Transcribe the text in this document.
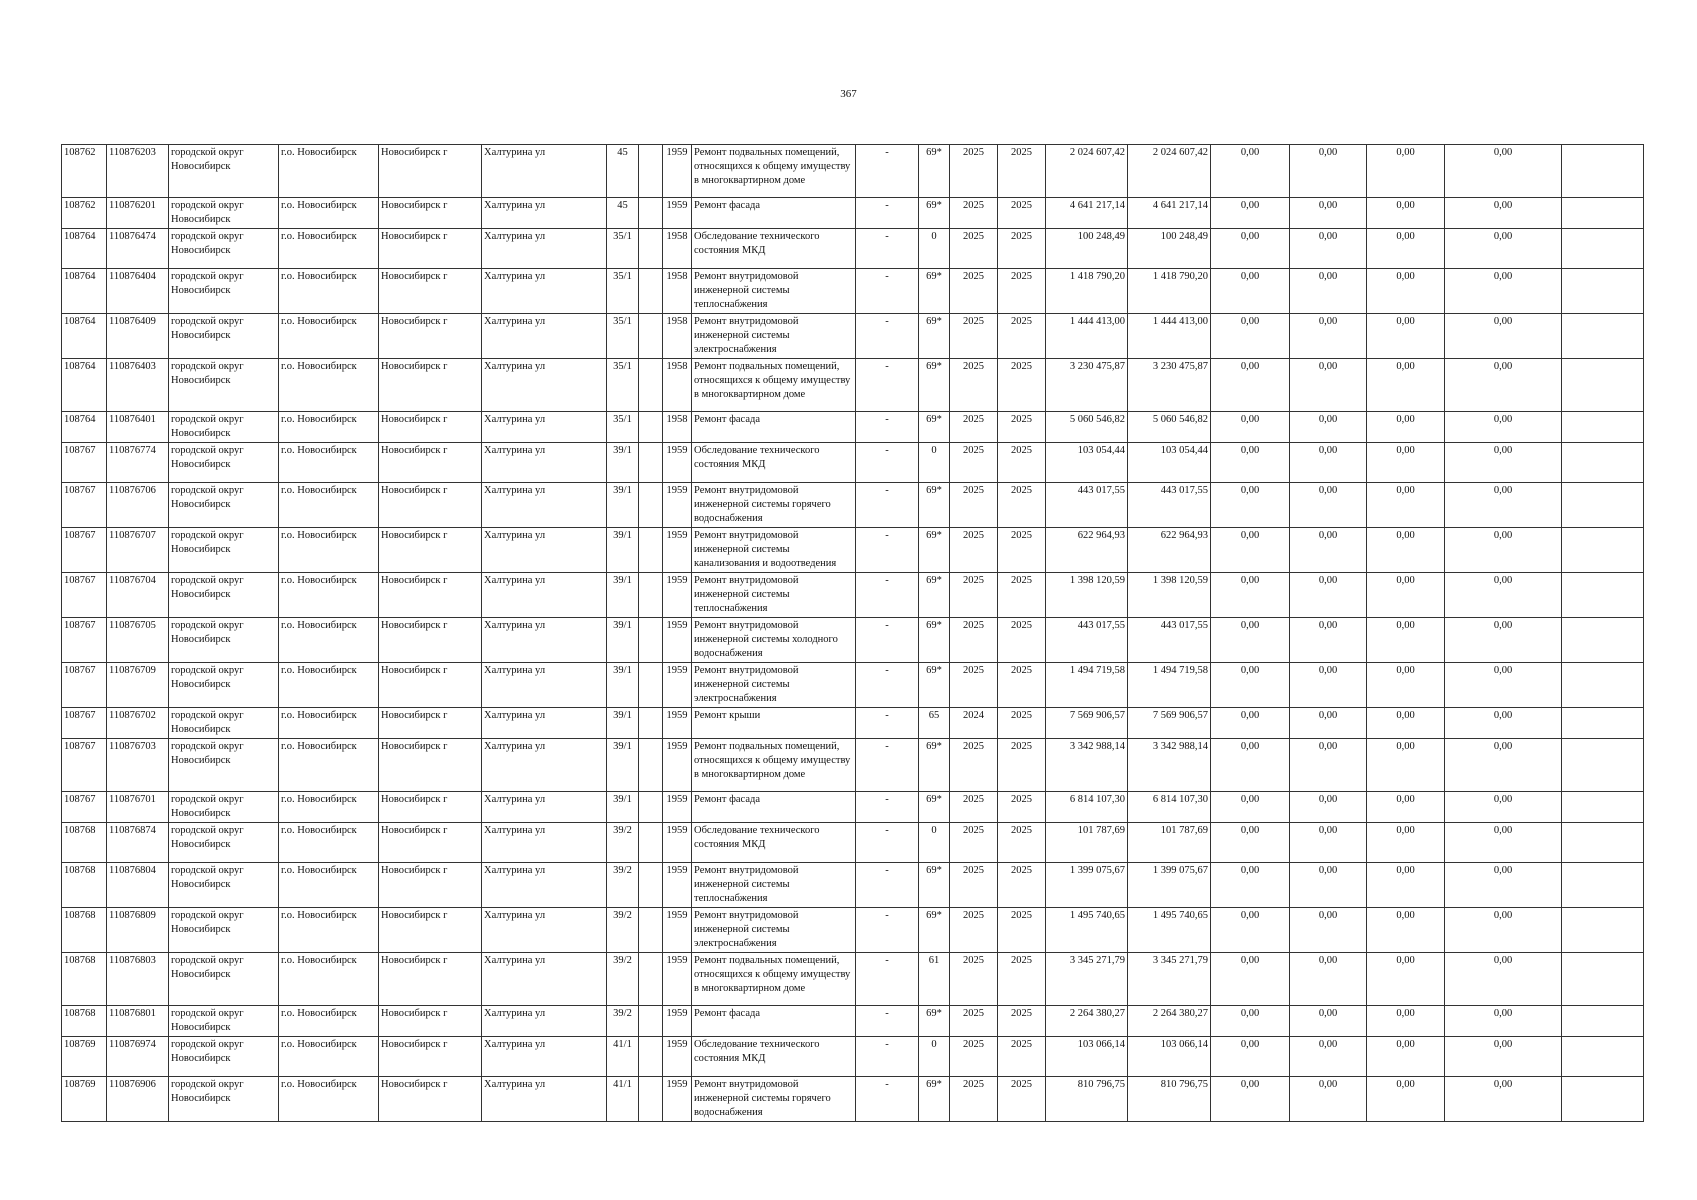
367
108762	110876203	городской округ Новосибирск	г.о. Новосибирск	Новосибирск г	Халтурина ул	45		1959	Ремонт подвальных помещений, относящихся к общему имуществу в многоквартирном доме	-	69*	2025	2025	2 024 607,42	2 024 607,42	0,00	0,00	0,00	0,00	
108762	110876201	городской округ Новосибирск	г.о. Новосибирск	Новосибирск г	Халтурина ул	45		1959	Ремонт фасада	-	69*	2025	2025	4 641 217,14	4 641 217,14	0,00	0,00	0,00	0,00	
108764	110876474	городской округ Новосибирск	г.о. Новосибирск	Новосибирск г	Халтурина ул	35/1		1958	Обследование технического состояния МКД	-	0	2025	2025	100 248,49	100 248,49	0,00	0,00	0,00	0,00	
108764	110876404	городской округ Новосибирск	г.о. Новосибирск	Новосибирск г	Халтурина ул	35/1		1958	Ремонт внутридомовой инженерной системы теплоснабжения	-	69*	2025	2025	1 418 790,20	1 418 790,20	0,00	0,00	0,00	0,00	
108764	110876409	городской округ Новосибирск	г.о. Новосибирск	Новосибирск г	Халтурина ул	35/1		1958	Ремонт внутридомовой инженерной системы электроснабжения	-	69*	2025	2025	1 444 413,00	1 444 413,00	0,00	0,00	0,00	0,00	
108764	110876403	городской округ Новосибирск	г.о. Новосибирск	Новосибирск г	Халтурина ул	35/1		1958	Ремонт подвальных помещений, относящихся к общему имуществу в многоквартирном доме	-	69*	2025	2025	3 230 475,87	3 230 475,87	0,00	0,00	0,00	0,00	
108764	110876401	городской округ Новосибирск	г.о. Новосибирск	Новосибирск г	Халтурина ул	35/1		1958	Ремонт фасада	-	69*	2025	2025	5 060 546,82	5 060 546,82	0,00	0,00	0,00	0,00	
108767	110876774	городской округ Новосибирск	г.о. Новосибирск	Новосибирск г	Халтурина ул	39/1		1959	Обследование технического состояния МКД	-	0	2025	2025	103 054,44	103 054,44	0,00	0,00	0,00	0,00	
108767	110876706	городской округ Новосибирск	г.о. Новосибирск	Новосибирск г	Халтурина ул	39/1		1959	Ремонт внутридомовой инженерной системы горячего водоснабжения	-	69*	2025	2025	443 017,55	443 017,55	0,00	0,00	0,00	0,00	
108767	110876707	городской округ Новосибирск	г.о. Новосибирск	Новосибирск г	Халтурина ул	39/1		1959	Ремонт внутридомовой инженерной системы канализования и водоотведения	-	69*	2025	2025	622 964,93	622 964,93	0,00	0,00	0,00	0,00	
108767	110876704	городской округ Новосибирск	г.о. Новосибирск	Новосибирск г	Халтурина ул	39/1		1959	Ремонт внутридомовой инженерной системы теплоснабжения	-	69*	2025	2025	1 398 120,59	1 398 120,59	0,00	0,00	0,00	0,00	
108767	110876705	городской округ Новосибирск	г.о. Новосибирск	Новосибирск г	Халтурина ул	39/1		1959	Ремонт внутридомовой инженерной системы холодного водоснабжения	-	69*	2025	2025	443 017,55	443 017,55	0,00	0,00	0,00	0,00	
108767	110876709	городской округ Новосибирск	г.о. Новосибирск	Новосибирск г	Халтурина ул	39/1		1959	Ремонт внутридомовой инженерной системы электроснабжения	-	69*	2025	2025	1 494 719,58	1 494 719,58	0,00	0,00	0,00	0,00	
108767	110876702	городской округ Новосибирск	г.о. Новосибирск	Новосибирск г	Халтурина ул	39/1		1959	Ремонт крыши	-	65	2024	2025	7 569 906,57	7 569 906,57	0,00	0,00	0,00	0,00	
108767	110876703	городской округ Новосибирск	г.о. Новосибирск	Новосибирск г	Халтурина ул	39/1		1959	Ремонт подвальных помещений, относящихся к общему имуществу в многоквартирном доме	-	69*	2025	2025	3 342 988,14	3 342 988,14	0,00	0,00	0,00	0,00	
108767	110876701	городской округ Новосибирск	г.о. Новосибирск	Новосибирск г	Халтурина ул	39/1		1959	Ремонт фасада	-	69*	2025	2025	6 814 107,30	6 814 107,30	0,00	0,00	0,00	0,00	
108768	110876874	городской округ Новосибирск	г.о. Новосибирск	Новосибирск г	Халтурина ул	39/2		1959	Обследование технического состояния МКД	-	0	2025	2025	101 787,69	101 787,69	0,00	0,00	0,00	0,00	
108768	110876804	городской округ Новосибирск	г.о. Новосибирск	Новосибирск г	Халтурина ул	39/2		1959	Ремонт внутридомовой инженерной системы теплоснабжения	-	69*	2025	2025	1 399 075,67	1 399 075,67	0,00	0,00	0,00	0,00	
108768	110876809	городской округ Новосибирск	г.о. Новосибирск	Новосибирск г	Халтурина ул	39/2		1959	Ремонт внутридомовой инженерной системы электроснабжения	-	69*	2025	2025	1 495 740,65	1 495 740,65	0,00	0,00	0,00	0,00	
108768	110876803	городской округ Новосибирск	г.о. Новосибирск	Новосибирск г	Халтурина ул	39/2		1959	Ремонт подвальных помещений, относящихся к общему имуществу в многоквартирном доме	-	61	2025	2025	3 345 271,79	3 345 271,79	0,00	0,00	0,00	0,00	
108768	110876801	городской округ Новосибирск	г.о. Новосибирск	Новосибирск г	Халтурина ул	39/2		1959	Ремонт фасада	-	69*	2025	2025	2 264 380,27	2 264 380,27	0,00	0,00	0,00	0,00	
108769	110876974	городской округ Новосибирск	г.о. Новосибирск	Новосибирск г	Халтурина ул	41/1		1959	Обследование технического состояния МКД	-	0	2025	2025	103 066,14	103 066,14	0,00	0,00	0,00	0,00	
108769	110876906	городской округ Новосибирск	г.о. Новосибирск	Новосибирск г	Халтурина ул	41/1		1959	Ремонт внутридомовой инженерной системы горячего водоснабжения	-	69*	2025	2025	810 796,75	810 796,75	0,00	0,00	0,00	0,00	
